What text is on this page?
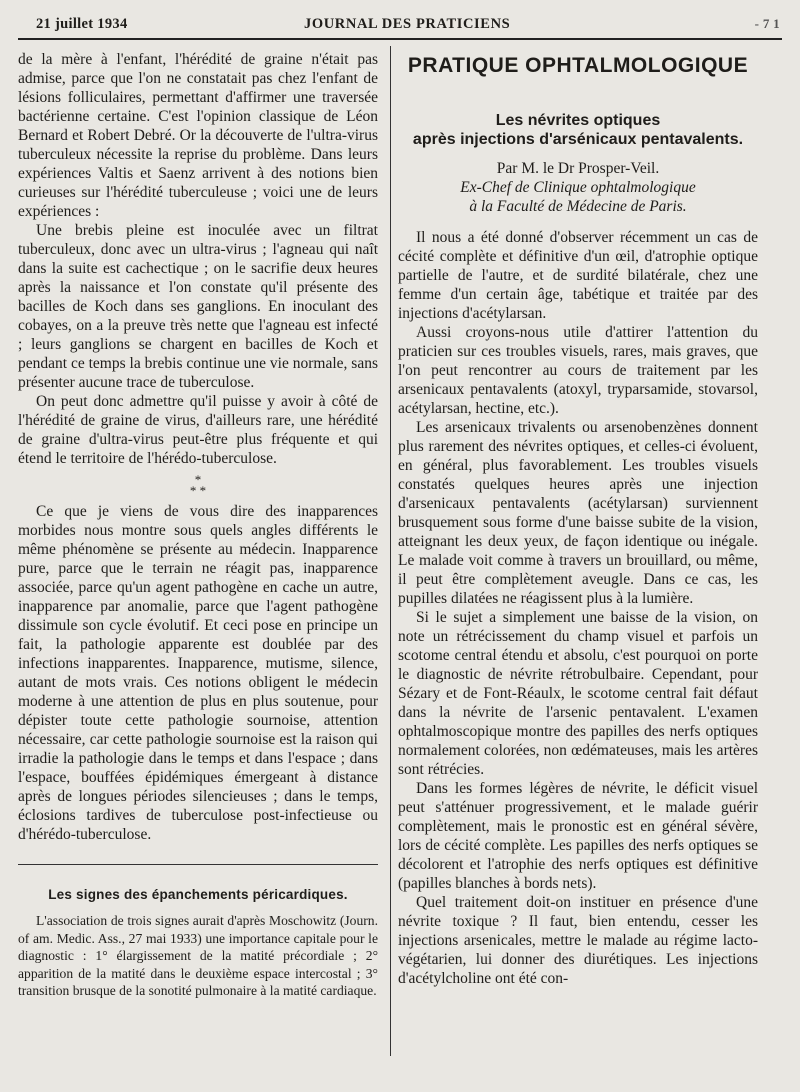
21 juillet 1934	JOURNAL DES PRATICIENS	- 7 1

de la mère à l'enfant, l'hérédité de graine n'était pas admise, parce que l'on ne constatait pas chez l'enfant de lésions folliculaires, permettant d'affirmer une traversée bactérienne certaine. C'est l'opinion classique de Léon Bernard et Robert Debré. Or la découverte de l'ultra-virus tuberculeux nécessite la reprise du problème. Dans leurs expériences Valtis et Saenz arrivent à des notions bien curieuses sur l'hérédité tuberculeuse ; voici une de leurs expériences :

Une brebis pleine est inoculée avec un filtrat tuberculeux, donc avec un ultra-virus ; l'agneau qui naît dans la suite est cachectique ; on le sacrifie deux heures après la naissance et l'on constate qu'il présente des bacilles de Koch dans ses ganglions. En inoculant des cobayes, on a la preuve très nette que l'agneau est infecté ; leurs ganglions se chargent en bacilles de Koch et pendant ce temps la brebis continue une vie normale, sans présenter aucune trace de tuberculose.

On peut donc admettre qu'il puisse y avoir à côté de l'hérédité de graine de virus, d'ailleurs rare, une hérédité de graine d'ultra-virus peut-être plus fréquente et qui étend le territoire de l'hérédo-tuberculose.

*
* *

Ce que je viens de vous dire des inapparences morbides nous montre sous quels angles différents le même phénomène se présente au médecin. Inapparence pure, parce que le terrain ne réagit pas, inapparence associée, parce qu'un agent pathogène en cache un autre, inapparence par anomalie, parce que l'agent pathogène dissimule son cycle évolutif. Et ceci pose en principe un fait, la pathologie apparente est doublée par des infections inapparentes. Inapparence, mutisme, silence, autant de mots vrais. Ces notions obligent le médecin moderne à une attention de plus en plus soutenue, pour dépister toute cette pathologie sournoise, attention nécessaire, car cette pathologie sournoise est la raison qui irradie la pathologie dans le temps et dans l'espace ; dans l'espace, bouffées épidémiques émergeant à distance après de longues périodes silencieuses ; dans le temps, éclosions tardives de tuberculose post-infectieuse ou d'hérédo-tuberculose.

Les signes des épanchements péricardiques.

L'association de trois signes aurait d'après Moschowitz (Journ. of am. Medic. Ass., 27 mai 1933) une importance capitale pour le diagnostic : 1° élargissement de la matité précordiale ; 2° apparition de la matité dans le deuxième espace intercostal ; 3° transition brusque de la sonotité pulmonaire à la matité cardiaque.

PRATIQUE OPHTALMOLOGIQUE
Les névrites optiques
après injections d'arsénicaux pentavalents.
Par M. le Dr Prosper-Veil.
Ex-Chef de Clinique ophtalmologique
à la Faculté de Médecine de Paris.

Il nous a été donné d'observer récemment un cas de cécité complète et définitive d'un œil, d'atrophie optique partielle de l'autre, et de surdité bilatérale, chez une femme d'un certain âge, tabétique et traitée par des injections d'acétylarsan.

Aussi croyons-nous utile d'attirer l'attention du praticien sur ces troubles visuels, rares, mais graves, que l'on peut rencontrer au cours de traitement par les arsenicaux pentavalents (atoxyl, tryparsamide, stovarsol, acétylarsan, hectine, etc.).

Les arsenicaux trivalents ou arsenobenzènes donnent plus rarement des névrites optiques, et celles-ci évoluent, en général, plus favorablement. Les troubles visuels constatés quelques heures après une injection d'arsenicaux pentavalents (acétylarsan) surviennent brusquement sous forme d'une baisse subite de la vision, atteignant les deux yeux, de façon identique ou inégale. Le malade voit comme à travers un brouillard, ou même, il peut être complètement aveugle. Dans ce cas, les pupilles dilatées ne réagissent plus à la lumière.

Si le sujet a simplement une baisse de la vision, on note un rétrécissement du champ visuel et parfois un scotome central étendu et absolu, c'est pourquoi on porte le diagnostic de névrite rétrobulbaire. Cependant, pour Sézary et de Font-Réaulx, le scotome central fait défaut dans la névrite de l'arsenic pentavalent. L'examen ophtalmoscopique montre des papilles des nerfs optiques normalement colorées, non œdémateuses, mais les artères sont rétrécies.

Dans les formes légères de névrite, le déficit visuel peut s'atténuer progressivement, et le malade guérir complètement, mais le pronostic est en général sévère, lors de cécité complète. Les papilles des nerfs optiques se décolorent et l'atrophie des nerfs optiques est définitive (papilles blanches à bords nets).

Quel traitement doit-on instituer en présence d'une névrite toxique ? Il faut, bien entendu, cesser les injections arsenicales, mettre le malade au régime lacto-végétarien, lui donner des diurétiques. Les injections d'acétylcholine ont été con-
